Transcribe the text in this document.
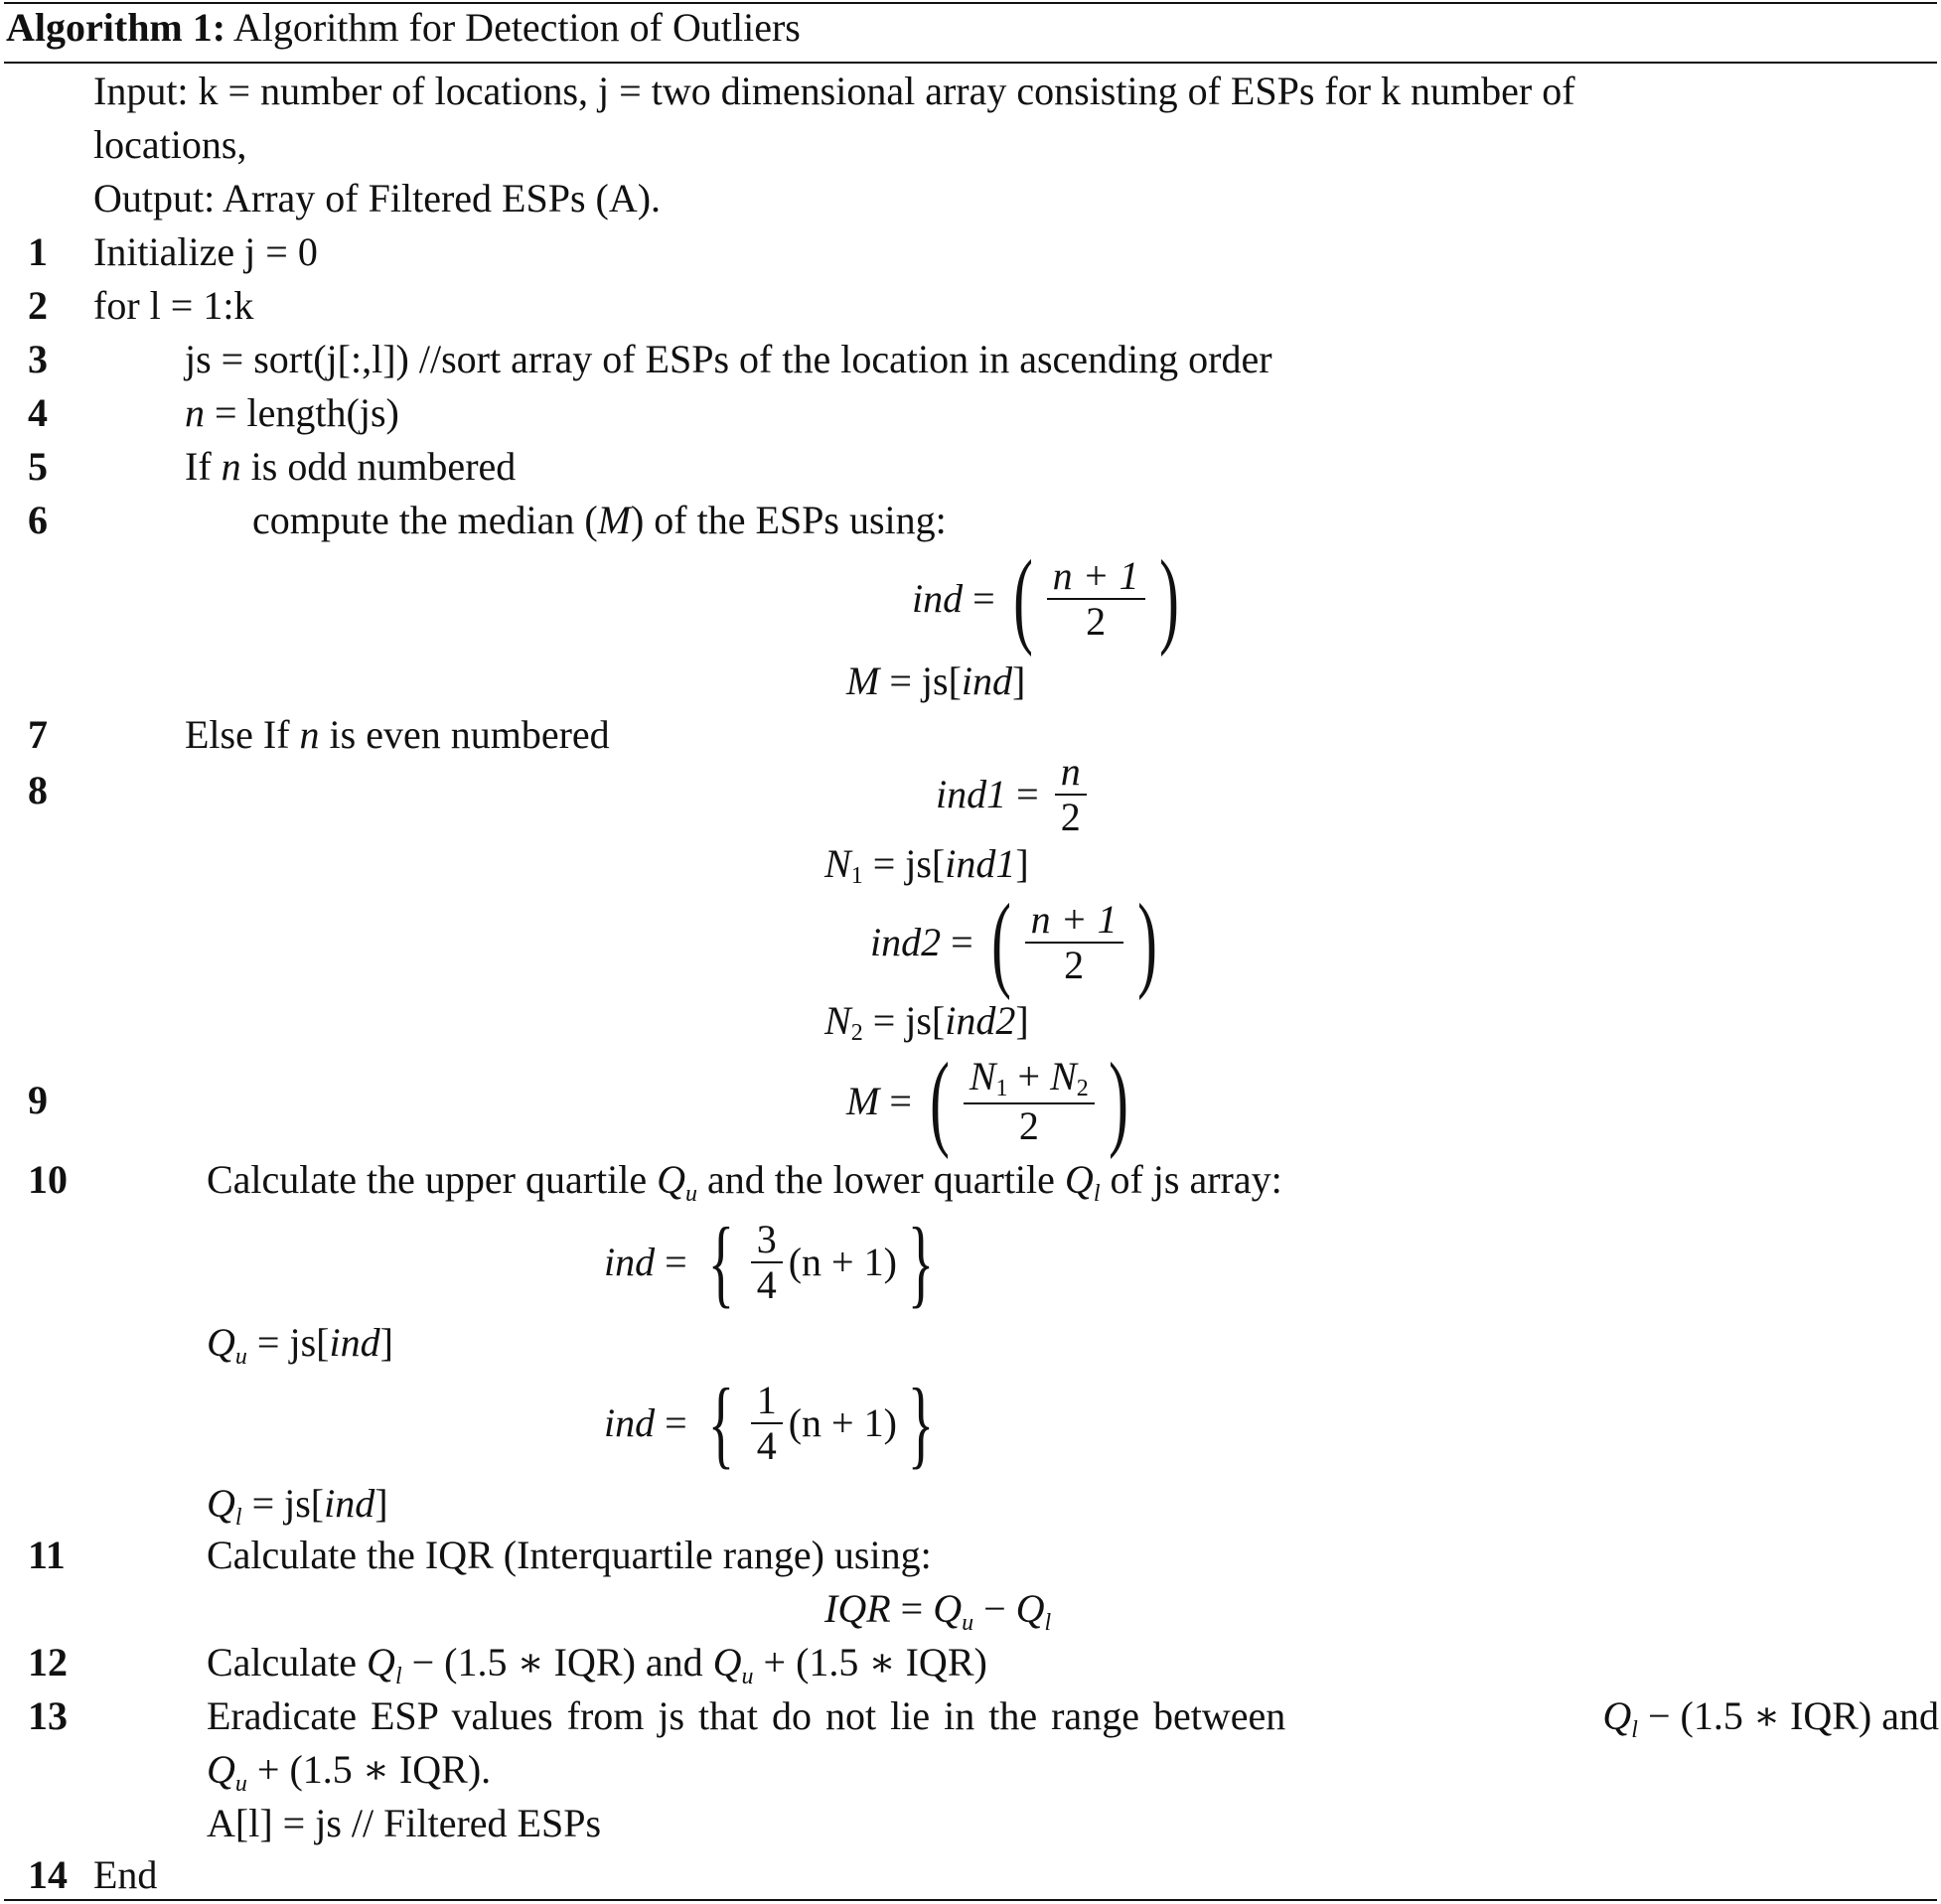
Algorithm 1: Algorithm for Detection of Outliers
Input: k = number of locations, j = two dimensional array consisting of ESPs for k number of
locations,
Output: Array of Filtered ESPs (A).
1 Initialize j = 0
2 for l = 1:k
3	js = sort(j[:,l]) //sort array of ESPs of the location in ascending order
4	n = length(js)
5	If n is odd numbered
6	compute the median (M) of the ESPs using:
ind = ( $\frac{n + 1}{2}$ )
M = js[ind]
7	Else If n is even numbered
8	$ind1 = \frac{n}{2}$
$N_1 = js[ind1]$
ind2 = ( $\frac{n + 1}{2}$ )
$N_2 = js[ind2]$
9	M = ( $\frac{N_1 + N_2}{2}$ )
10	Calculate the upper quartile $Q_u$ and the lower quartile $Q_l$ of js array:
ind = { $\frac{3}{4} (n + 1)$ }
$Q_u = js[ind]$
ind = { $\frac{1}{4} (n + 1)$ }
$Q_l = js[ind]$
11	Calculate the IQR (Interquartile range) using:
IQR = $Q_u - Q_l$
12	Calculate $Q_l - (1.5$ ∗ IQR) and $Q_u + (1.5$ ∗ IQR)
13	Eradicate ESP values from js that do not lie in the range between	$Q_l - (1.5$ ∗ IQR) and
$Q_u + (1.5$ ∗ IQR).
A[l] = js // Filtered ESPs
14 End
